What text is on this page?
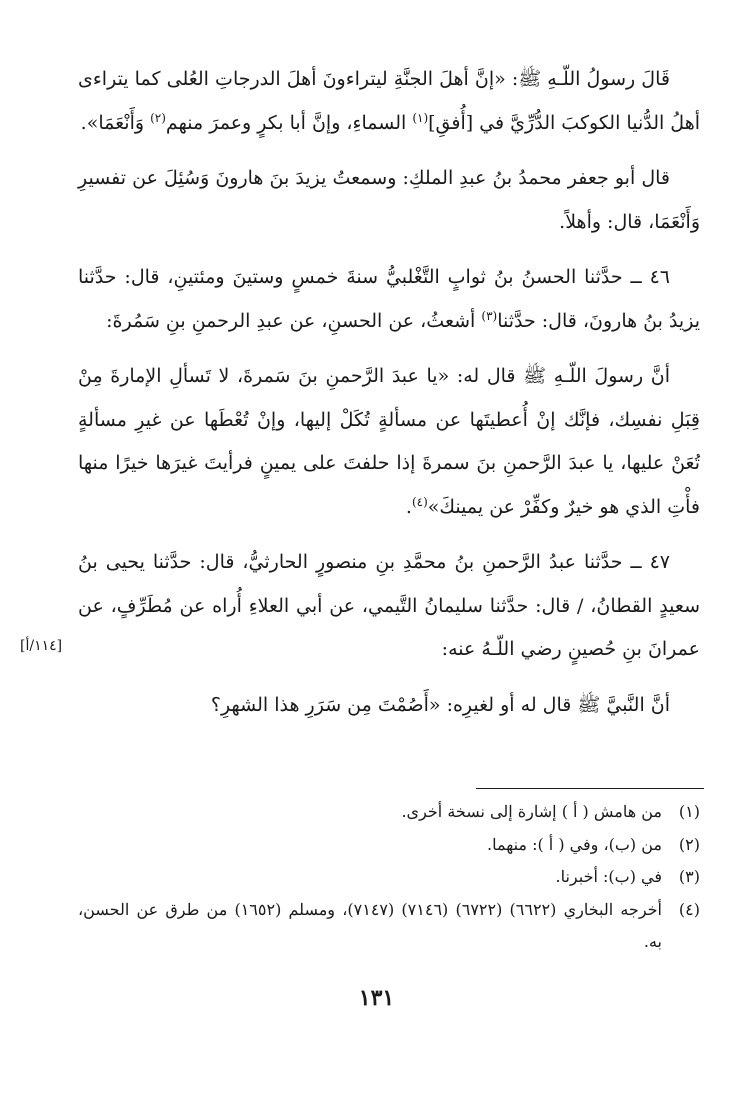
قَالَ رسولُ اللّـهِ ﷺ: «إنَّ أهلَ الجنَّةِ ليتراءونَ أهلَ الدرجاتِ العُلى كما يتراءى أهلُ الدُّنيا الكوكبَ الدُّرِّيَّ في [أُفقِ]$^{(١)}$ السماءِ، وإنَّ أبا بكرٍ وعمرَ منهم$^{(٢)}$ وَأَنْعَمَا».

قال أبو جعفر محمدُ بنُ عبدِ الملكِ: وسمعتُ يزيدَ بنَ هارونَ وَسُئِلَ عن تفسيرِ وَأَنْعَمَا، قال: وأهلاً.

٤٦ ــ حدَّثنا الحسنُ بنُ ثوابٍ التَّغْلبيُّ سنةَ خمسٍ وستينَ ومئتينِ، قال: حدَّثنا يزيدُ بنُ هارونَ، قال: حدَّثنا$^{(٣)}$ أشعثُ، عن الحسنِ، عن عبدِ الرحمنِ بنِ سَمُرةَ:

أنَّ رسولَ اللّـهِ ﷺ قال له: «يا عبدَ الرَّحمنِ بنَ سَمرةَ، لا تَسألِ الإمارةَ مِنْ قِبَلِ نفسِك، فإنَّك إنْ أُعطيتَها عن مسألةٍ تُكَلْ إليها، وإنْ تُعْطَها عن غيرِ مسألةٍ تُعَنْ عليها، يا عبدَ الرَّحمنِ بنَ سمرةَ إذا حلفتَ على يمينٍ فرأيتَ غيرَها خيرًا منها فأْتِ الذي هو خيرٌ وكفِّرْ عن يمينكَ»$^{(٤)}$.

٤٧ ــ حدَّثنا عبدُ الرَّحمنِ بنُ محمَّدِ بنِ منصورٍ الحارثيُّ، قال: حدَّثنا يحيى بنُ سعيدٍ القطانُ، / قال: حدَّثنا سليمانُ التَّيمي، عن أبي العلاءِ أُراه عن مُطَرِّفٍ، عن عمرانَ بنِ حُصينٍ رضي اللّـهُ عنه:

أنَّ النَّبيَّ ﷺ قال له أو لغيرِه: «أَصُمْتَ مِن سَرَرِ هذا الشهرِ؟

[١١٤/أ]
(١)
من هامش ( أ ) إشارة إلى نسخة أخرى.
(٢)
من (ب)، وفي ( أ ): منهما.
(٣)
في (ب): أخبرنا.
(٤)
أخرجه البخاري (٦٦٢٢) (٦٧٢٢) (٧١٤٦) (٧١٤٧)، ومسلم (١٦٥٢) من طرق عن الحسن، به.
١٣١
